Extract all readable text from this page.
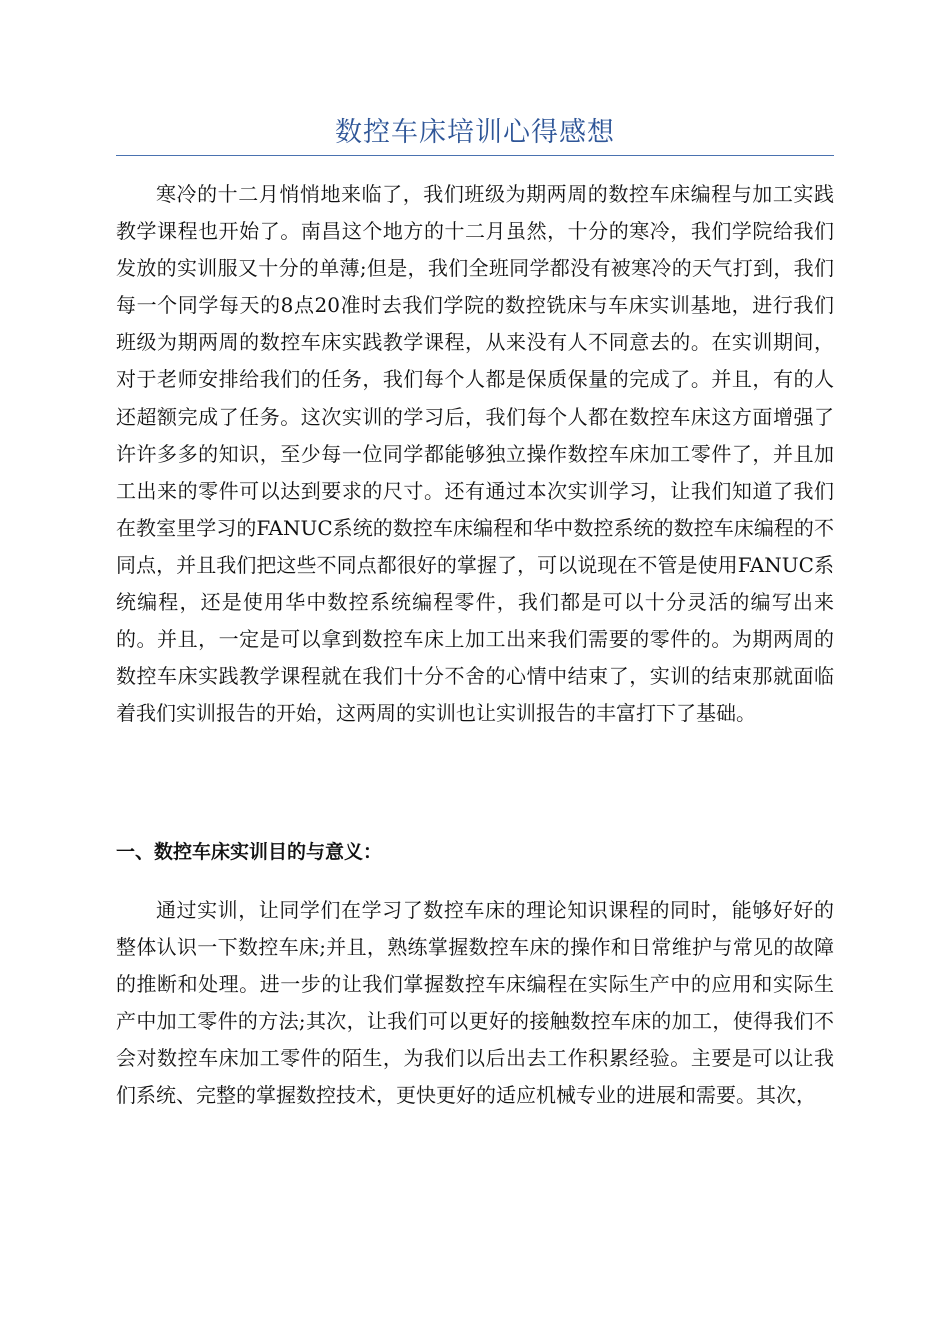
数控车床培训心得感想

寒冷的十二月悄悄地来临了，我们班级为期两周的数控车床编程与加工实践教学课程也开始了。南昌这个地方的十二月虽然，十分的寒冷，我们学院给我们发放的实训服又十分的单薄;但是，我们全班同学都没有被寒冷的天气打到，我们每一个同学每天的8点20准时去我们学院的数控铣床与车床实训基地，进行我们班级为期两周的数控车床实践教学课程，从来没有人不同意去的。在实训期间，对于老师安排给我们的任务，我们每个人都是保质保量的完成了。并且，有的人还超额完成了任务。这次实训的学习后，我们每个人都在数控车床这方面增强了许许多多的知识，至少每一位同学都能够独立操作数控车床加工零件了，并且加工出来的零件可以达到要求的尺寸。还有通过本次实训学习，让我们知道了我们在教室里学习的FANUC系统的数控车床编程和华中数控系统的数控车床编程的不同点，并且我们把这些不同点都很好的掌握了，可以说现在不管是使用FANUC系统编程，还是使用华中数控系统编程零件，我们都是可以十分灵活的编写出来的。并且，一定是可以拿到数控车床上加工出来我们需要的零件的。为期两周的数控车床实践教学课程就在我们十分不舍的心情中结束了，实训的结束那就面临着我们实训报告的开始，这两周的实训也让实训报告的丰富打下了基础。

一、数控车床实训目的与意义：

通过实训，让同学们在学习了数控车床的理论知识课程的同时，能够好好的整体认识一下数控车床;并且，熟练掌握数控车床的操作和日常维护与常见的故障的推断和处理。进一步的让我们掌握数控车床编程在实际生产中的应用和实际生产中加工零件的方法;其次，让我们可以更好的接触数控车床的加工，使得我们不会对数控车床加工零件的陌生，为我们以后出去工作积累经验。主要是可以让我们系统、完整的掌握数控技术，更快更好的适应机械专业的进展和需要。其次，
